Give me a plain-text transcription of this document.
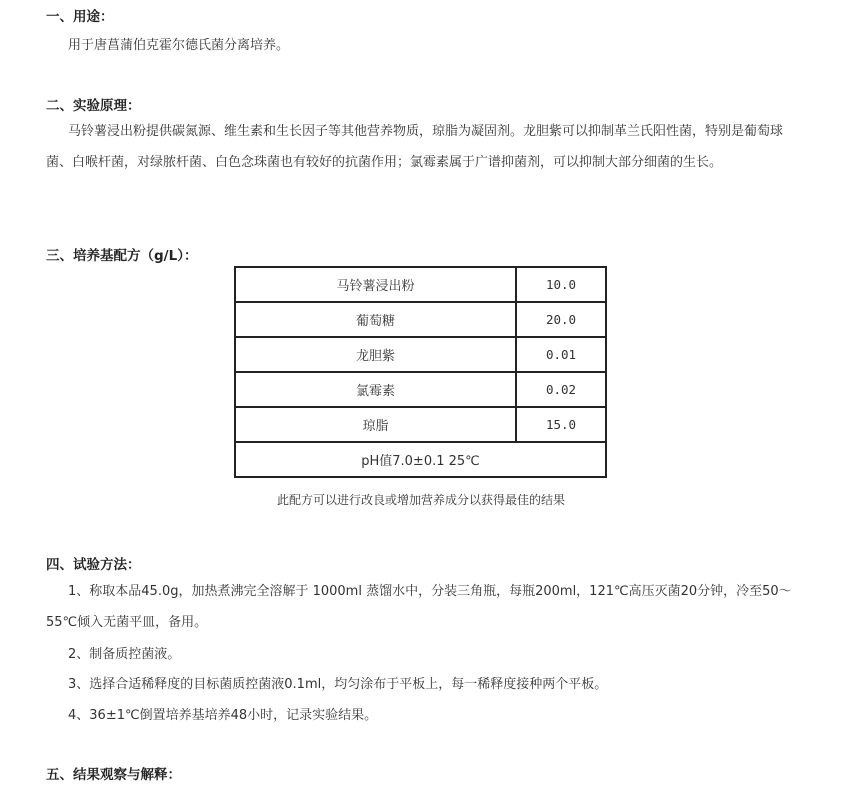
一、用途：
用于唐菖蒲伯克霍尔德氏菌分离培养。
二、实验原理：
马铃薯浸出粉提供碳氮源、维生素和生长因子等其他营养物质，琼脂为凝固剂。龙胆紫可以抑制革兰氏阳性菌，特别是葡萄球菌、白喉杆菌，对绿脓杆菌、白色念珠菌也有较好的抗菌作用；氯霉素属于广谱抑菌剂，可以抑制大部分细菌的生长。
三、培养基配方（g/L）：
马铃薯浸出粉	10.0
葡萄糖	20.0
龙胆紫	0.01
氯霉素	0.02
琼脂	15.0
pH值7.0±0.1 25℃	
此配方可以进行改良或增加营养成分以获得最佳的结果
四、试验方法：
1、称取本品45.0g，加热煮沸完全溶解于 1000ml 蒸馏水中，分装三角瓶，每瓶200ml，121℃高压灭菌20分钟，冷至50～55℃倾入无菌平皿，备用。
2、制备质控菌液。
3、选择合适稀释度的目标菌质控菌液0.1ml，均匀涂布于平板上，每一稀释度接种两个平板。
4、36±1℃倒置培养基培养48小时，记录实验结果。
五、结果观察与解释：
